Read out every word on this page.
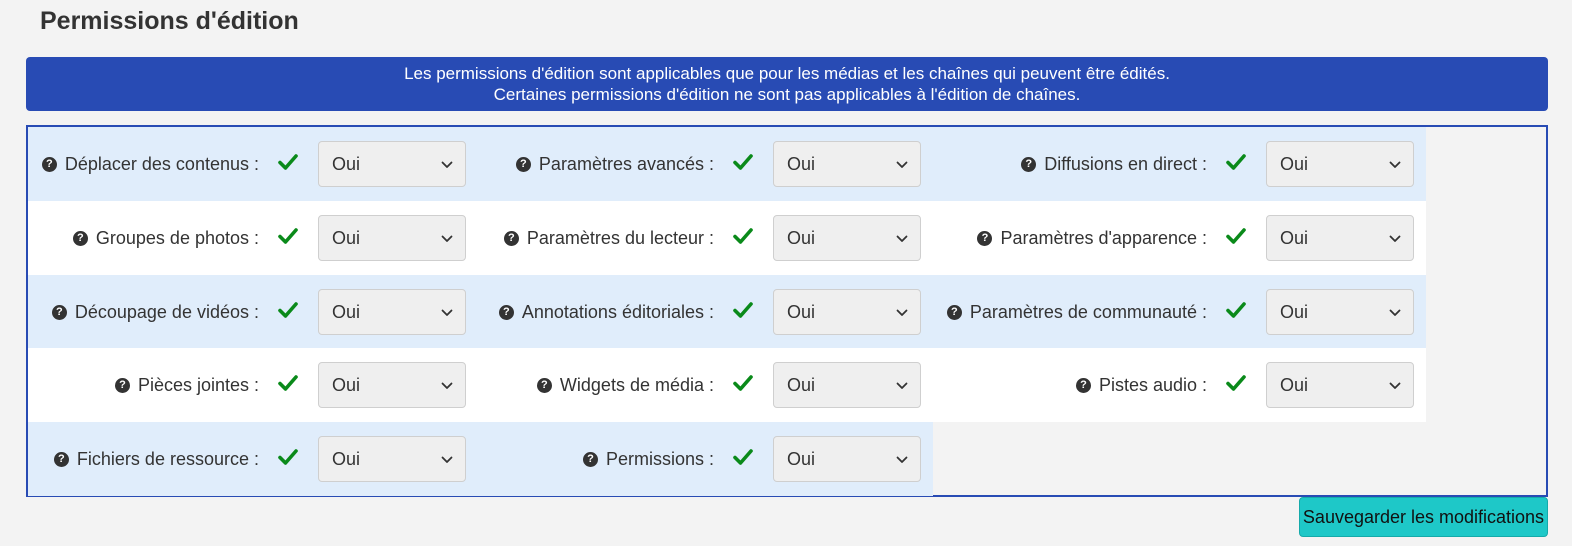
Permissions d'édition
Les permissions d'édition sont applicables que pour les médias et les chaînes qui peuvent être édités.
Certaines permissions d'édition ne sont pas applicables à l'édition de chaînes.
? Déplacer des contenus :	Oui	? Paramètres avancés :	Oui	? Diffusions en direct :	Oui
? Groupes de photos :	Oui	? Paramètres du lecteur :	Oui	? Paramètres d'apparence :	Oui
? Découpage de vidéos :	Oui	? Annotations éditoriales :	Oui	? Paramètres de communauté :	Oui
? Pièces jointes :	Oui	? Widgets de média :	Oui	? Pistes audio :	Oui
? Fichiers de ressource :	Oui	? Permissions :	Oui
Sauvegarder les modifications
